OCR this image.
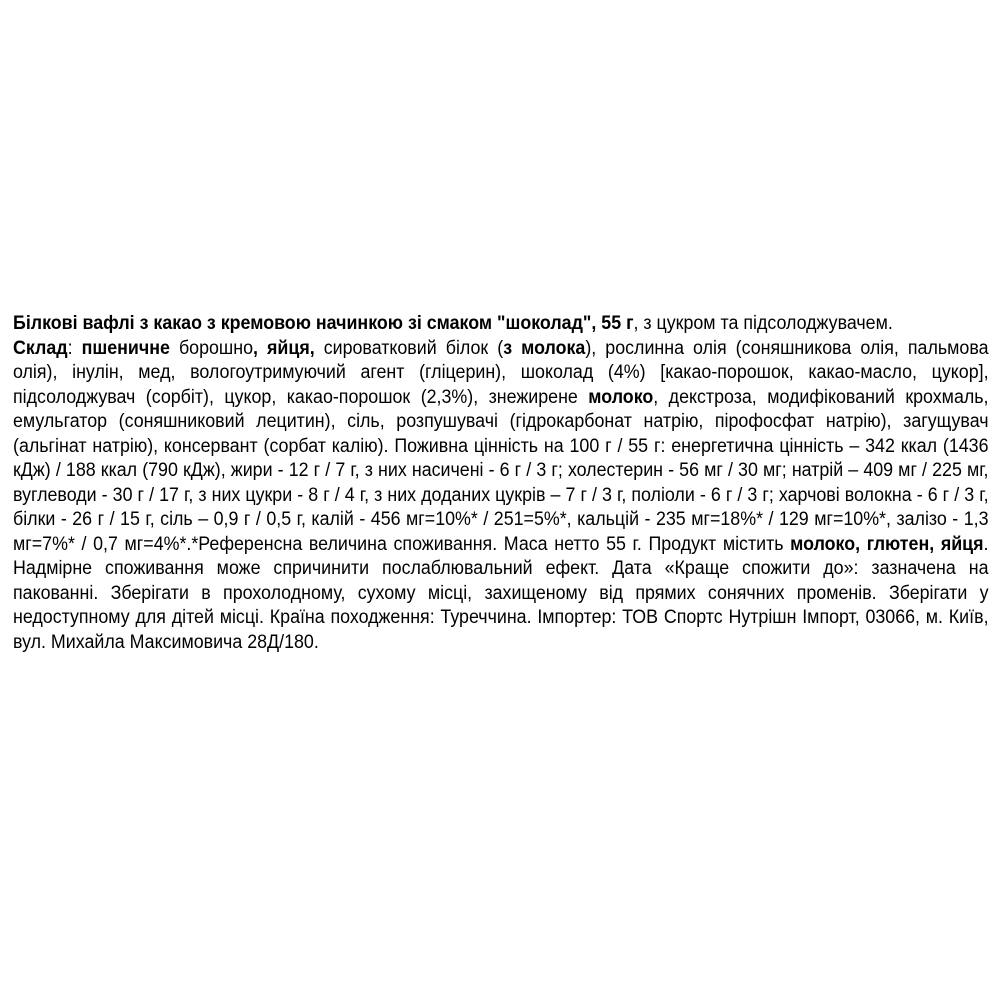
Білкові вафлі з какао з кремовою начинкою зі смаком "шоколад", 55 г, з цукром та підсолоджувачем.

Склад: пшеничне борошно, яйця, сироватковий білок (з молока), рослинна олія (соняшникова олія, пальмова олія), інулін, мед, вологоутримуючий агент (гліцерин), шоколад (4%) [какао-порошок, какао-масло, цукор], підсолоджувач (сорбіт), цукор, какао-порошок (2,3%), знежирене молоко, декстроза, модифікований крохмаль, емульгатор (соняшниковий лецитин), сіль, розпушувачі (гідрокарбонат натрію, пірофосфат натрію), загущувач (альгінат натрію), консервант (сорбат калію). Поживна цінність на 100 г / 55 г: енергетична цінність – 342 ккал (1436 кДж) / 188 ккал (790 кДж), жири - 12 г / 7 г, з них насичені - 6 г / 3 г; холестерин - 56 мг / 30 мг; натрій – 409 мг / 225 мг, вуглеводи - 30 г / 17 г, з них цукри - 8 г / 4 г, з них доданих цукрів – 7 г / 3 г, поліоли - 6 г / 3 г; харчові волокна - 6 г / 3 г, білки - 26 г / 15 г, сіль – 0,9 г / 0,5 г, калій - 456 мг=10%* / 251=5%*, кальцій - 235 мг=18%* / 129 мг=10%*, залізо - 1,3 мг=7%* / 0,7 мг=4%*.*Референсна величина споживання. Маса нетто 55 г. Продукт містить молоко, глютен, яйця. Надмірне споживання може спричинити послаблювальний ефект. Дата «Краще спожити до»: зазначена на пакованні. Зберігати в прохолодному, сухому місці, захищеному від прямих сонячних променів. Зберігати у недоступному для дітей місці. Країна походження: Туреччина. Імпортер: ТОВ Спортс Нутрішн Імпорт, 03066, м. Київ, вул. Михайла Максимовича 28Д/180.
